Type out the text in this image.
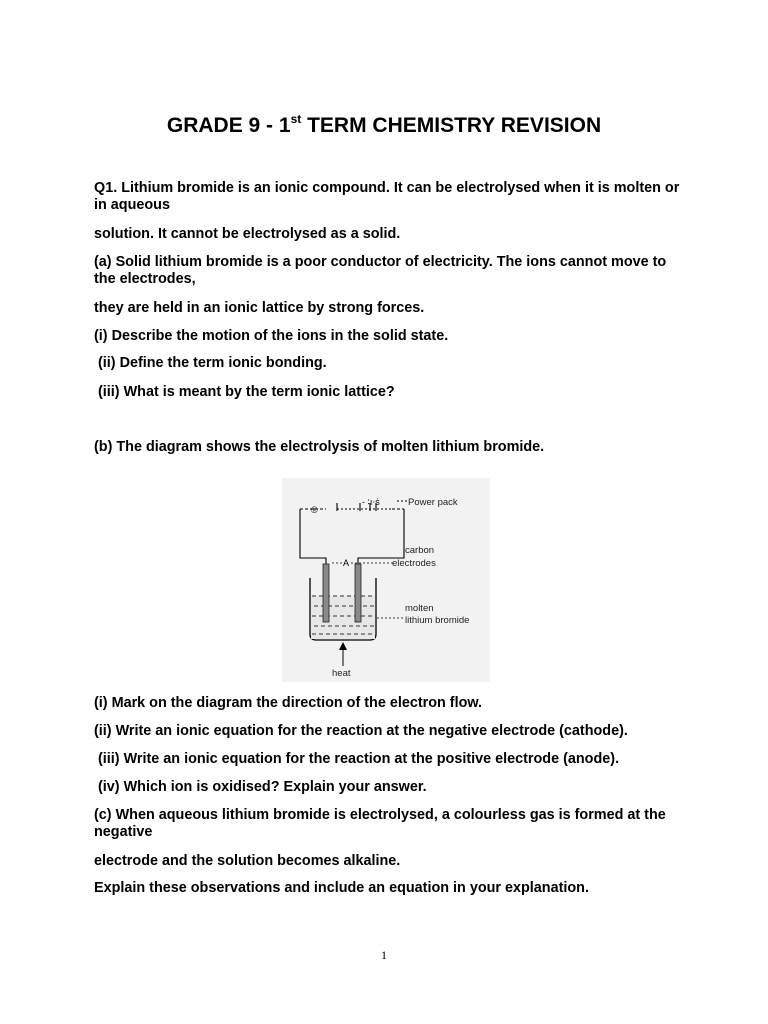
GRADE 9 - 1st TERM CHEMISTRY REVISION

Q1. Lithium bromide is an ionic compound. It can be electrolysed when it is molten or in aqueous

solution. It cannot be electrolysed as a solid.

(a) Solid lithium bromide is a poor conductor of electricity. The ions cannot move to the electrodes,

they are held in an ionic lattice by strong forces.

(i) Describe the motion of the ions in the solid state.

(ii) Define the term ionic bonding.

(iii) What is meant by the term ionic lattice?

(b) The diagram shows the electrolysis of molten lithium bromide.

®
- ∶ı⋅ṡ	Power pack
carbon
A	electrodes
molten
lithium bromide
heat

(i) Mark on the diagram the direction of the electron flow.

(ii) Write an ionic equation for the reaction at the negative electrode (cathode).

(iii) Write an ionic equation for the reaction at the positive electrode (anode).

(iv) Which ion is oxidised? Explain your answer.

(c) When aqueous lithium bromide is electrolysed, a colourless gas is formed at the negative

electrode and the solution becomes alkaline.

Explain these observations and include an equation in your explanation.

1
